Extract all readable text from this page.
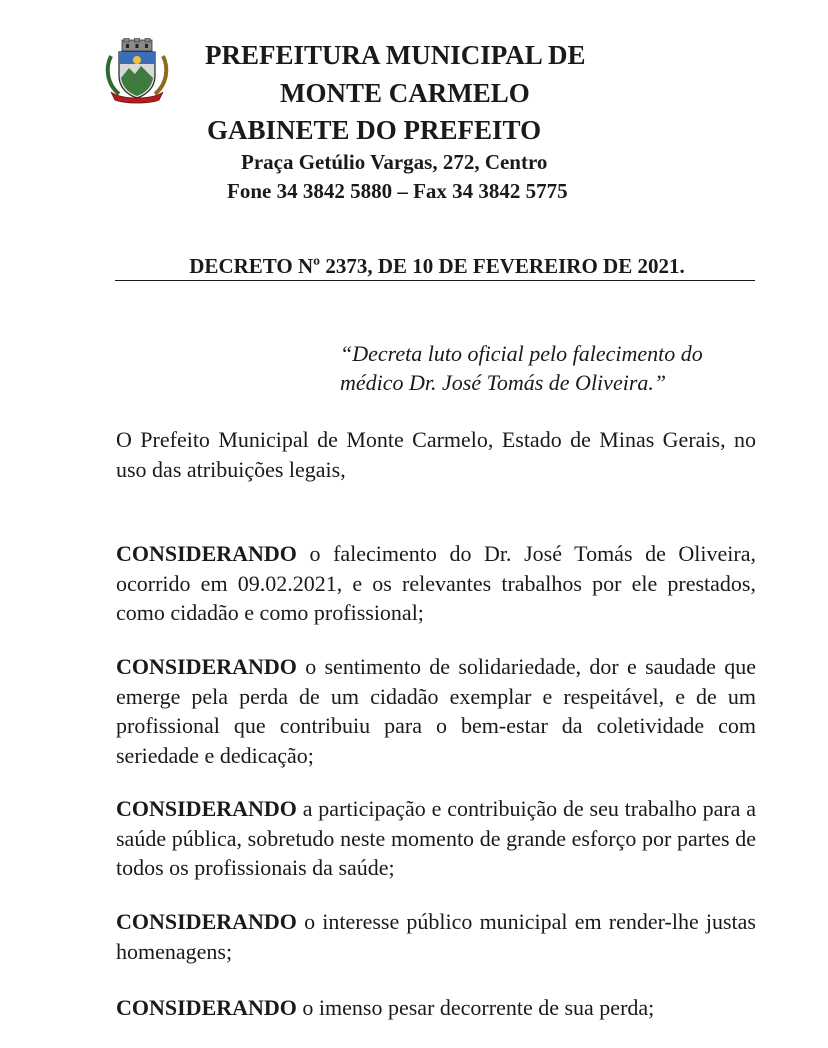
PREFEITURA MUNICIPAL DE
MONTE CARMELO
GABINETE DO PREFEITO
Praça Getúlio Vargas, 272, Centro
Fone 34 3842 5880 – Fax 34 3842 5775
DECRETO Nº 2373, DE 10 DE FEVEREIRO DE 2021.
“Decreta luto oficial pelo falecimento do
médico Dr. José Tomás de Oliveira.”

O Prefeito Municipal de Monte Carmelo, Estado de Minas Gerais, no uso das atribuições legais,

CONSIDERANDO o falecimento do Dr. José Tomás de Oliveira, ocorrido em 09.02.2021, e os relevantes trabalhos por ele prestados, como cidadão e como profissional;

CONSIDERANDO o sentimento de solidariedade, dor e saudade que emerge pela perda de um cidadão exemplar e respeitável, e de um profissional que contribuiu para o bem-estar da coletividade com seriedade e dedicação;

CONSIDERANDO a participação e contribuição de seu trabalho para a saúde pública, sobretudo neste momento de grande esforço por partes de todos os profissionais da saúde;

CONSIDERANDO o interesse público municipal em render-lhe justas homenagens;

CONSIDERANDO o imenso pesar decorrente de sua perda;
